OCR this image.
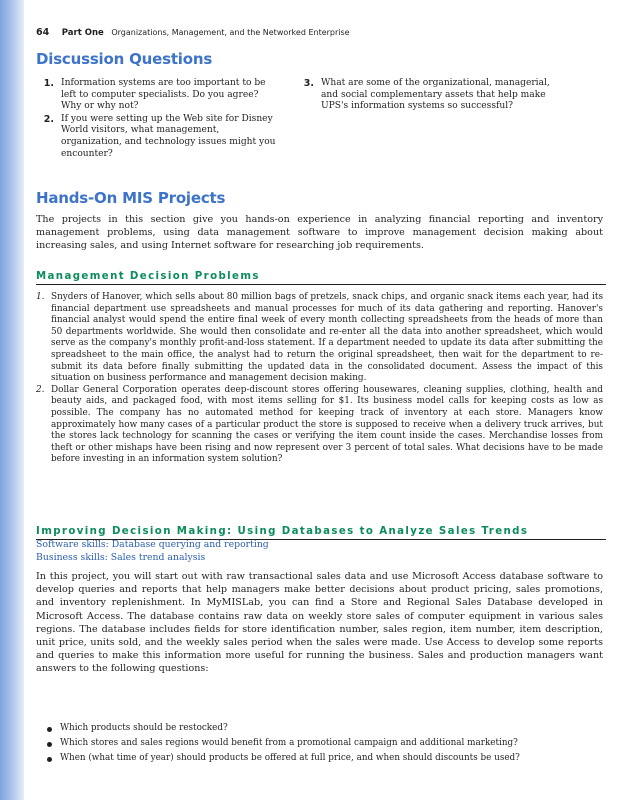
64 Part One Organizations, Management, and the Networked Enterprise
Discussion Questions
1. Information systems are too important to be left to computer specialists. Do you agree? Why or why not?
2. If you were setting up the Web site for Disney World visitors, what management, organization, and technology issues might you encounter?
3. What are some of the organizational, managerial, and social complementary assets that help make UPS's information systems so successful?
Hands-On MIS Projects
The projects in this section give you hands-on experience in analyzing financial reporting and inventory management problems, using data management software to improve management decision making about increasing sales, and using Internet software for researching job requirements.
Management Decision Problems
1. Snyders of Hanover, which sells about 80 million bags of pretzels, snack chips, and organic snack items each year, had its financial department use spreadsheets and manual processes for much of its data gathering and reporting. Hanover's financial analyst would spend the entire final week of every month collecting spreadsheets from the heads of more than 50 departments worldwide. She would then consolidate and re-enter all the data into another spreadsheet, which would serve as the company's monthly profit-and-loss statement. If a department needed to update its data after submitting the spreadsheet to the main office, the analyst had to return the original spreadsheet, then wait for the department to re-submit its data before finally submitting the updated data in the consolidated document. Assess the impact of this situation on business performance and management decision making.
2. Dollar General Corporation operates deep-discount stores offering housewares, cleaning supplies, clothing, health and beauty aids, and packaged food, with most items selling for $1. Its business model calls for keeping costs as low as possible. The company has no automated method for keeping track of inventory at each store. Managers know approximately how many cases of a particular product the store is supposed to receive when a delivery truck arrives, but the stores lack technology for scanning the cases or verifying the item count inside the cases. Merchandise losses from theft or other mishaps have been rising and now represent over 3 percent of total sales. What decisions have to be made before investing in an information system solution?
Improving Decision Making: Using Databases to Analyze Sales Trends
Software skills: Database querying and reporting
Business skills: Sales trend analysis
In this project, you will start out with raw transactional sales data and use Microsoft Access database software to develop queries and reports that help managers make better decisions about product pricing, sales promotions, and inventory replenishment. In MyMISLab, you can find a Store and Regional Sales Database developed in Microsoft Access. The database contains raw data on weekly store sales of computer equipment in various sales regions. The database includes fields for store identification number, sales region, item number, item description, unit price, units sold, and the weekly sales period when the sales were made. Use Access to develop some reports and queries to make this information more useful for running the business. Sales and production managers want answers to the following questions:
Which products should be restocked?
Which stores and sales regions would benefit from a promotional campaign and additional marketing?
When (what time of year) should products be offered at full price, and when should discounts be used?
